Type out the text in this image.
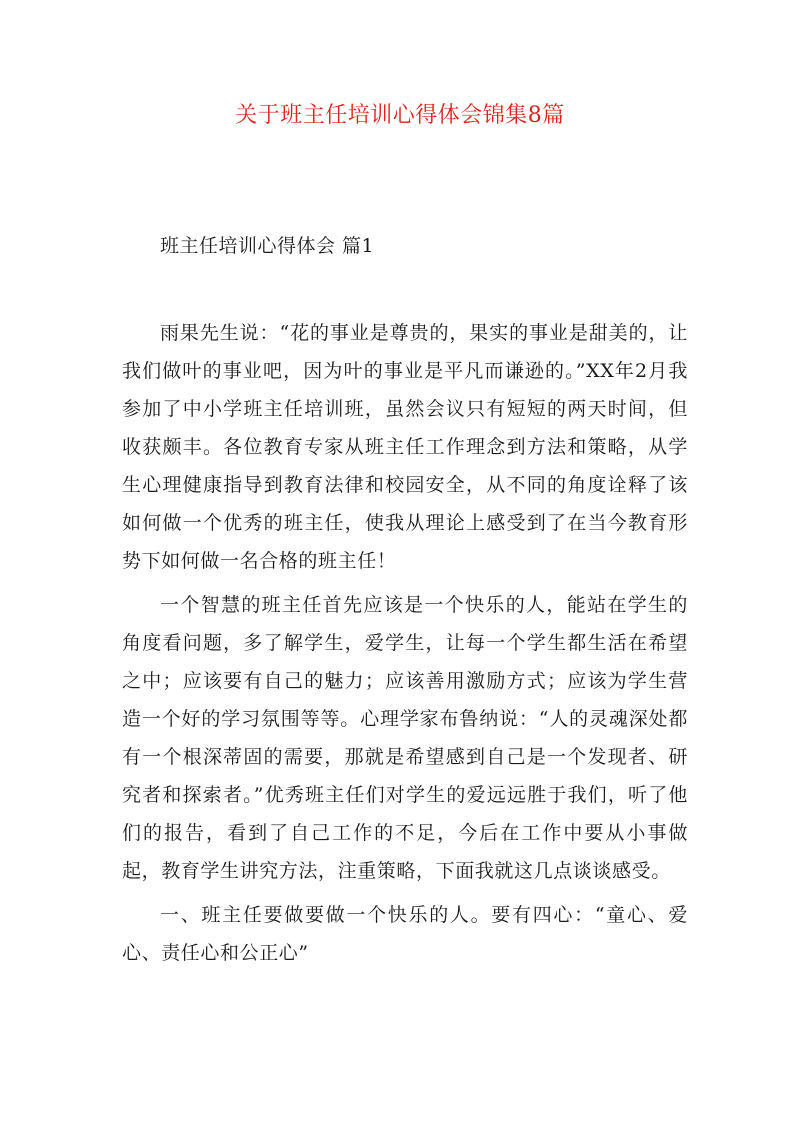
关于班主任培训心得体会锦集8篇
班主任培训心得体会 篇1

雨果先生说：“花的事业是尊贵的，果实的事业是甜美的，让我们做叶的事业吧，因为叶的事业是平凡而谦逊的。”XX年2月我参加了中小学班主任培训班，虽然会议只有短短的两天时间，但收获颇丰。各位教育专家从班主任工作理念到方法和策略，从学生心理健康指导到教育法律和校园安全，从不同的角度诠释了该如何做一个优秀的班主任，使我从理论上感受到了在当今教育形势下如何做一名合格的班主任！

一个智慧的班主任首先应该是一个快乐的人，能站在学生的角度看问题，多了解学生，爱学生，让每一个学生都生活在希望之中；应该要有自己的魅力；应该善用激励方式；应该为学生营造一个好的学习氛围等等。心理学家布鲁纳说：“人的灵魂深处都有一个根深蒂固的需要，那就是希望感到自己是一个发现者、研究者和探索者。”优秀班主任们对学生的爱远远胜于我们，听了他们的报告，看到了自己工作的不足，今后在工作中要从小事做起，教育学生讲究方法，注重策略，下面我就这几点谈谈感受。

一、班主任要做要做一个快乐的人。要有四心：“童心、爱心、责任心和公正心”
